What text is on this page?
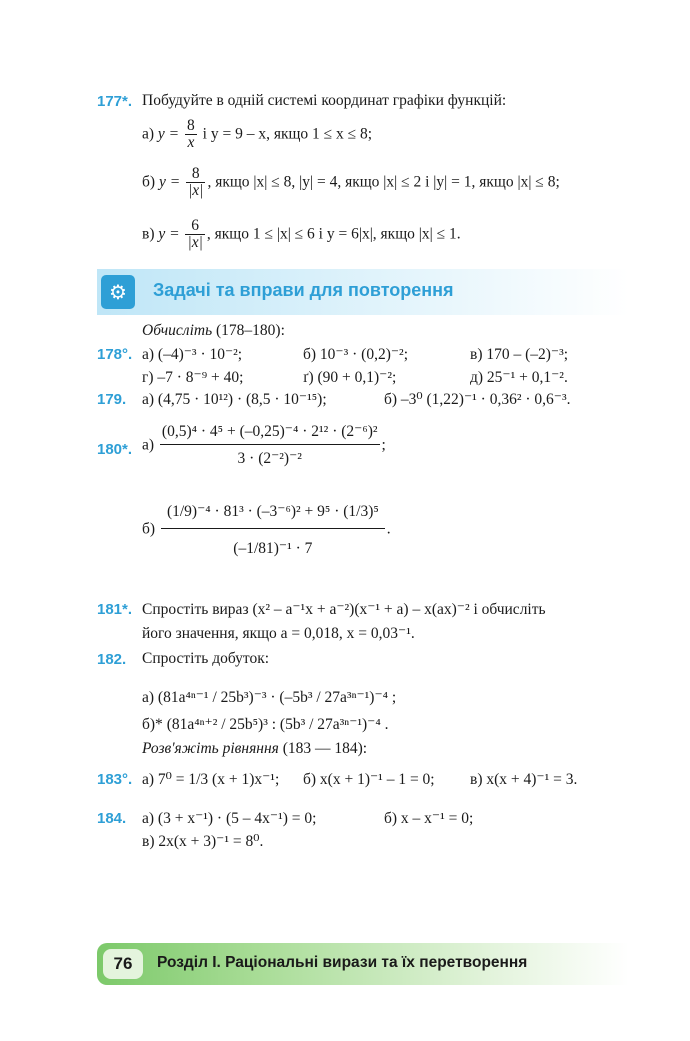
177*. Побудуйте в одній системі координат графіки функцій:
а) $y = \frac{8}{x}$ і y = 9 – x, якщо 1 ≤ x ≤ 8;
б) $y = \frac{8}{|x|}$ , якщо |x| ≤ 8, |y| = 4, якщо |x| ≤ 2 і |y| = 1, якщо |x| ≤ 8;
в) $y = \frac{6}{|x|}$ , якщо 1 ≤ |x| ≤ 6 і y = 6|x|, якщо |x| ≤ 1.
⚙	Задачі та вправи для повторення
Обчисліть (178–180):
178°. а) (–4)⁻³ · 10⁻²;	б) 10⁻³ · (0,2)⁻²;	в) 170 – (–2)⁻³;
г) –7 · 8⁻⁹ + 40;	ґ) (90 + 0,1)⁻²;	д) 25⁻¹ + 0,1⁻².
179. а) (4,75 · 10¹²) · (8,5 · 10⁻¹⁵);	б) –3⁰ (1,22)⁻¹ · 0,36² · 0,6⁻³.
180*. $а) \frac{\text{(0,5)⁴ · 4⁵ + (–0,25)⁻⁴ · 2¹² · (2⁻⁶)²}}{\text{3 · (2⁻²)⁻²}}$ ;
$б) \frac{\text{(1/9)⁻⁴ · 81³ · (–3⁻⁶)² + 9⁵ · (1/3)⁵}}{\text{(–1/81)⁻¹ · 7}}$ .
181*. Спростіть вираз (x² – a⁻¹x + a⁻²)(x⁻¹ + a) – x(ax)⁻² і обчисліть
його значення, якщо a = 0,018, x = 0,03⁻¹.
182. Спростіть добуток:
а) (81a⁴ⁿ⁻¹ / 25b³)⁻³ · (–5b³ / 27a³ⁿ⁻¹)⁻⁴ ;
б)* (81a⁴ⁿ⁺² / 25b⁵)³ : (5b³ / 27a³ⁿ⁻¹)⁻⁴ .
Розв'яжіть рівняння (183 — 184):
183°. а) 7⁰ = 1/3 (x + 1)x⁻¹; б) x(x + 1)⁻¹ – 1 = 0; в) x(x + 4)⁻¹ = 3.
184. а) (3 + x⁻¹) · (5 – 4x⁻¹) = 0;	б) x – x⁻¹ = 0;
в) 2x(x + 3)⁻¹ = 8⁰.
76	Розділ І. Раціональні вирази та їх перетворення
